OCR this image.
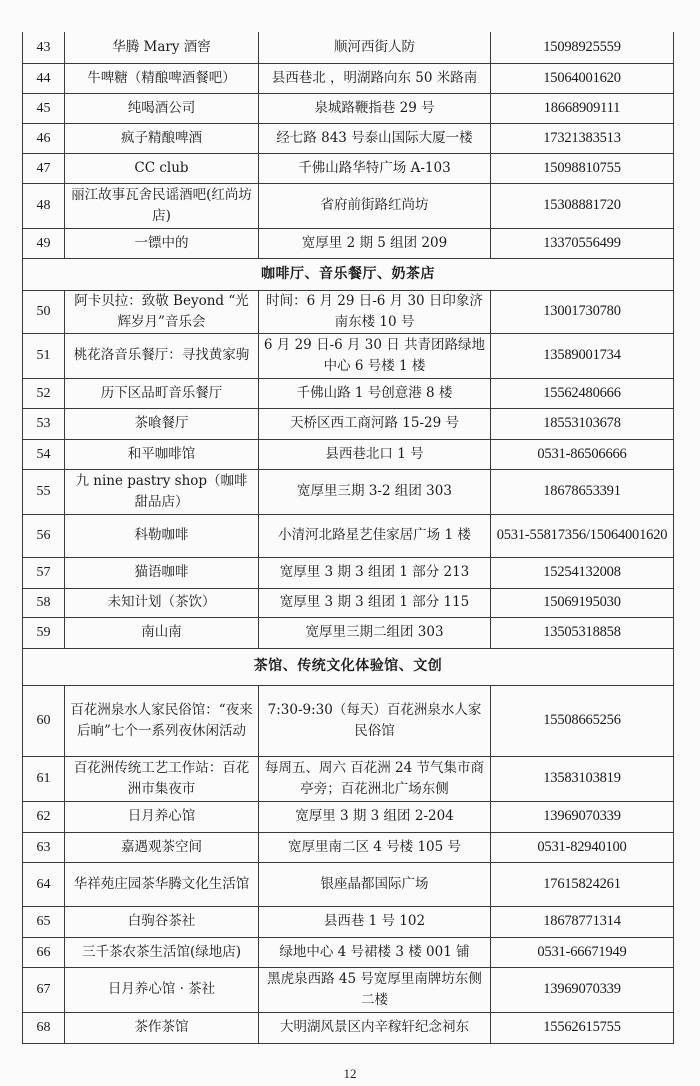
43	华腾 Mary 酒窖	顺河西街人防	15098925559
44	牛啤糖（精酿啤酒餐吧）	县西巷北 ，明湖路向东 50 米路南	15064001620
45	纯喝酒公司	泉城路鞭指巷 29 号	18668909111
46	疯子精酿啤酒	经七路 843 号泰山国际大厦一楼	17321383513
47	CC club	千佛山路华特广场 A-103	15098810755
48	丽江故事瓦舍民谣酒吧(红尚坊店)	省府前街路红尚坊	15308881720
49	一镖中的	宽厚里 2 期 5 组团 209	13370556499
咖啡厅、音乐餐厅、奶茶店			
50	阿卡贝拉：致敬 Beyond “光辉岁月”音乐会	时间：6 月 29 日-6 月 30 日印象济南东楼 10 号	13001730780
51	桃花洛音乐餐厅：寻找黄家驹	6 月 29 日-6 月 30 日 共青团路绿地中心 6 号楼 1 楼	13589001734
52	历下区品町音乐餐厅	千佛山路 1 号创意港 8 楼	15562480666
53	茶喰餐厅	天桥区西工商河路 15-29 号	18553103678
54	和平咖啡馆	县西巷北口 1 号	0531-86506666
55	九 nine pastry shop（咖啡甜品店）	宽厚里三期 3-2 组团 303	18678653391
56	科勒咖啡	小清河北路星艺佳家居广场 1 楼	0531-55817356/15064001620
57	猫语咖啡	宽厚里 3 期 3 组团 1 部分 213	15254132008
58	未知计划（茶饮）	宽厚里 3 期 3 组团 1 部分 115	15069195030
59	南山南	宽厚里三期二组团 303	13505318858
茶馆、传统文化体验馆、文创			
60	百花洲泉水人家民俗馆：“夜来后晌”七个一系列夜休闲活动	7:30-9:30（每天）百花洲泉水人家民俗馆	15508665256
61	百花洲传统工艺工作站：百花洲市集夜市	每周五、周六 百花洲 24 节气集市商亭旁；百花洲北广场东侧	13583103819
62	日月养心馆	宽厚里 3 期 3 组团 2-204	13969070339
63	嘉遇观茶空间	宽厚里南二区 4 号楼 105 号	0531-82940100
64	华祥苑庄园茶华腾文化生活馆	银座晶都国际广场	17615824261
65	白驹谷茶社	县西巷 1 号 102	18678771314
66	三千茶农茶生活馆(绿地店)	绿地中心 4 号裙楼 3 楼 001 铺	0531-66671949
67	日月养心馆 · 茶社	黑虎泉西路 45 号宽厚里南牌坊东侧二楼	13969070339
68	茶作茶馆	大明湖风景区内辛稼轩纪念祠东	15562615755
12
